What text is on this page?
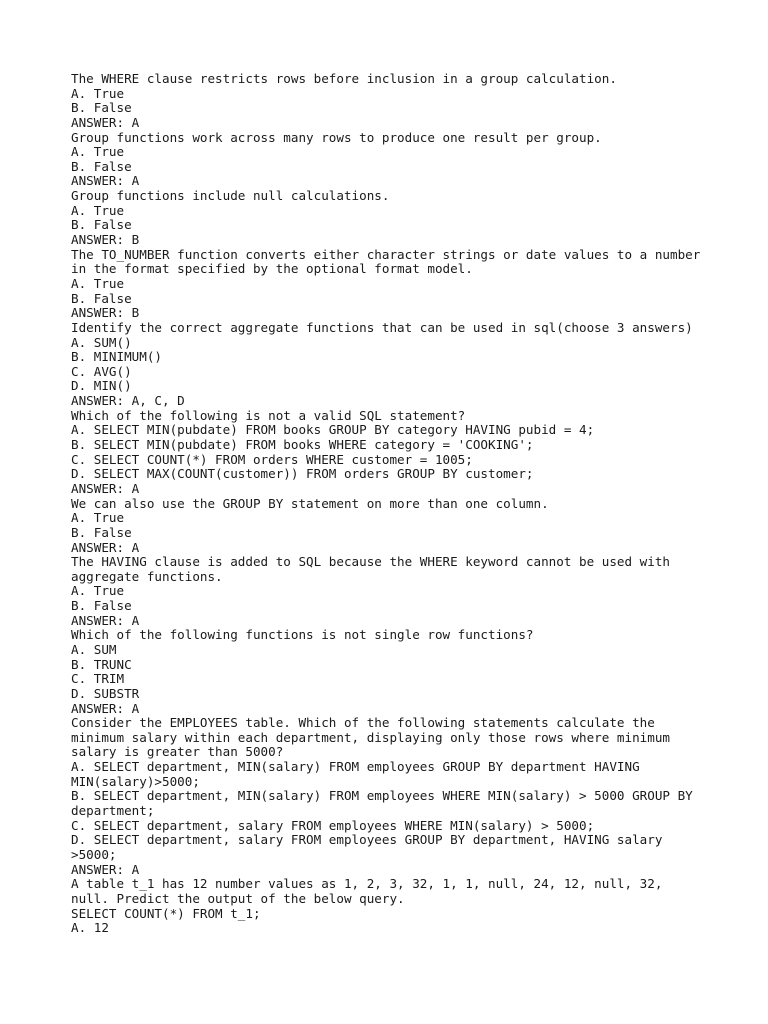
The WHERE clause restricts rows before inclusion in a group calculation.
A. True
B. False
ANSWER: A
Group functions work across many rows to produce one result per group.
A. True
B. False
ANSWER: A
Group functions include null calculations.
A. True
B. False
ANSWER: B
The TO_NUMBER function converts either character strings or date values to a number
in the format specified by the optional format model.
A. True
B. False
ANSWER: B
Identify the correct aggregate functions that can be used in sql(choose 3 answers)
A. SUM()
B. MINIMUM()
C. AVG()
D. MIN()
ANSWER: A, C, D
Which of the following is not a valid SQL statement?
A. SELECT MIN(pubdate) FROM books GROUP BY category HAVING pubid = 4;
B. SELECT MIN(pubdate) FROM books WHERE category = 'COOKING';
C. SELECT COUNT(*) FROM orders WHERE customer = 1005;
D. SELECT MAX(COUNT(customer)) FROM orders GROUP BY customer;
ANSWER: A
We can also use the GROUP BY statement on more than one column.
A. True
B. False
ANSWER: A
The HAVING clause is added to SQL because the WHERE keyword cannot be used with
aggregate functions.
A. True
B. False
ANSWER: A
Which of the following functions is not single row functions?
A. SUM
B. TRUNC
C. TRIM
D. SUBSTR
ANSWER: A
Consider the EMPLOYEES table. Which of the following statements calculate the
minimum salary within each department, displaying only those rows where minimum
salary is greater than 5000?
A. SELECT department, MIN(salary) FROM employees GROUP BY department HAVING
MIN(salary)>5000;
B. SELECT department, MIN(salary) FROM employees WHERE MIN(salary) > 5000 GROUP BY
department;
C. SELECT department, salary FROM employees WHERE MIN(salary) > 5000;
D. SELECT department, salary FROM employees GROUP BY department, HAVING salary
>5000;
ANSWER: A
A table t_1 has 12 number values as 1, 2, 3, 32, 1, 1, null, 24, 12, null, 32,
null. Predict the output of the below query.
SELECT COUNT(*) FROM t_1;
A. 12
